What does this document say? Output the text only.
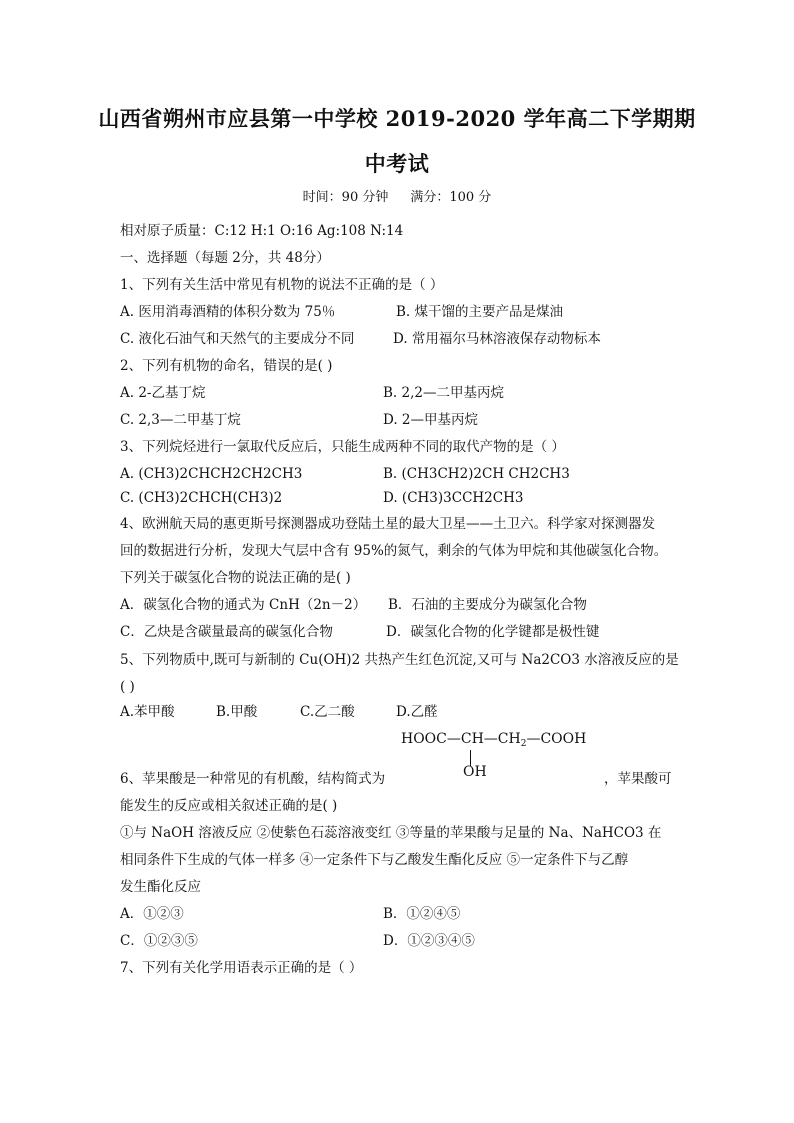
山西省朔州市应县第一中学校 2019-2020 学年高二下学期期
中考试
时间：90 分钟 满分：100 分
相对原子质量：C:12 H:1 O:16 Ag:108 N:14
一、选择题（每题 2分，共 48分）
1、下列有关生活中常见有机物的说法不正确的是（ ）
A. 医用消毒酒精的体积分数为 75％	B. 煤干馏的主要产品是煤油
C. 液化石油气和天然气的主要成分不同	D. 常用福尔马林溶液保存动物标本
2、下列有机物的命名，错误的是( )
A. 2-乙基丁烷	B. 2,2—二甲基丙烷
C. 2,3—二甲基丁烷	D. 2—甲基丙烷
3、下列烷烃进行一氯取代反应后，只能生成两种不同的取代产物的是（ ）
A. (CH3)2CHCH2CH2CH3	B. (CH3CH2)2CH CH2CH3
C. (CH3)2CHCH(CH3)2	D. (CH3)3CCH2CH3
4、欧洲航天局的惠更斯号探测器成功登陆土星的最大卫星——土卫六。科学家对探测器发
回的数据进行分析，发现大气层中含有 95%的氮气，剩余的气体为甲烷和其他碳氢化合物。
下列关于碳氢化合物的说法正确的是( )
A．碳氢化合物的通式为 CnH（2n－2） B．石油的主要成分为碳氢化合物
C．乙炔是含碳量最高的碳氢化合物	D．碳氢化合物的化学键都是极性键
5、下列物质中,既可与新制的 Cu(OH)2 共热产生红色沉淀,又可与 Na2CO3 水溶液反应的是
( )
A.苯甲酸	B.甲酸	C.乙二酸	D.乙醛
$HOOC—CH—CH_2—COOH$
OH
6、苹果酸是一种常见的有机酸，结构简式为	，苹果酸可
能发生的反应或相关叙述正确的是( )
①与 NaOH 溶液反应 ②使紫色石蕊溶液变红 ③等量的苹果酸与足量的 Na、NaHCO3 在
相同条件下生成的气体一样多 ④一定条件下与乙酸发生酯化反应 ⑤一定条件下与乙醇
发生酯化反应
A．①②③	B．①②④⑤
C．①②③⑤	D．①②③④⑤
7、下列有关化学用语表示正确的是（ ）
